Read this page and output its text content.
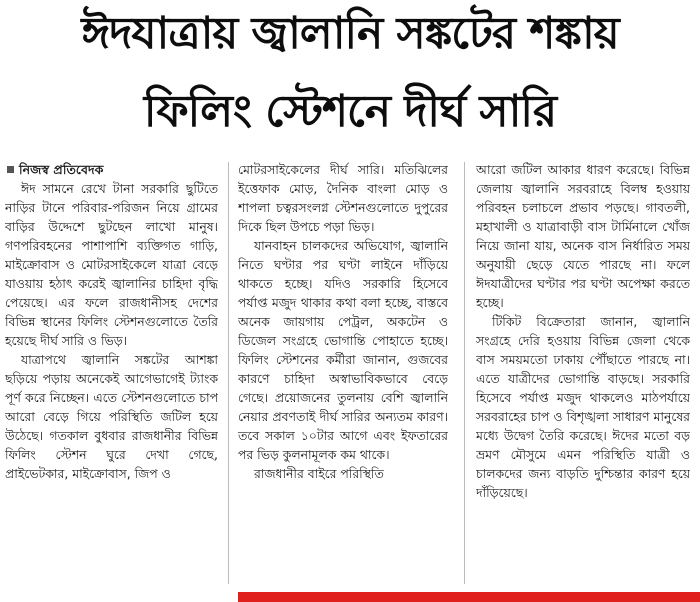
ঈদযাত্রায় জ্বালানি সঙ্কটের শঙ্কায়
ফিলিং স্টেশনে দীর্ঘ সারি
নিজস্ব প্রতিবেদক

ঈদ সামনে রেখে টানা সরকারি ছুটিতে নাড়ির টানে পরিবার-পরিজন নিয়ে গ্রামের বাড়ির উদ্দেশে ছুটছেন লাখো মানুষ। গণপরিবহনের পাশাপাশি ব্যক্তিগত গাড়ি, মাইক্রোবাস ও মোটরসাইকেলে যাত্রা বেড়ে যাওয়ায় হঠাৎ করেই জ্বালানির চাহিদা বৃদ্ধি পেয়েছে। এর ফলে রাজধানীসহ দেশের বিভিন্ন স্থানের ফিলিং স্টেশনগুলোতে তৈরি হয়েছে দীর্ঘ সারি ও ভিড়।

যাত্রাপথে জ্বালানি সঙ্কটের আশঙ্কা ছড়িয়ে পড়ায় অনেকেই আগেভাগেই ট্যাংক পূর্ণ করে নিচ্ছেন। এতে স্টেশনগুলোতে চাপ আরো বেড়ে গিয়ে পরিস্থিতি জটিল হয়ে উঠেছে। গতকাল বুধবার রাজধানীর বিভিন্ন ফিলিং স্টেশন ঘুরে দেখা গেছে, প্রাইভেটকার, মাইক্রোবাস, জিপ ও

মোটরসাইকেলের দীর্ঘ সারি। মতিঝিলের ইত্তেফাক মোড়, দৈনিক বাংলা মোড় ও শাপলা চত্বরসংলগ্ন স্টেশনগুলোতে দুপুরের দিকে ছিল উপচে পড়া ভিড়।

যানবাহন চালকদের অভিযোগ, জ্বালানি নিতে ঘণ্টার পর ঘণ্টা লাইনে দাঁড়িয়ে থাকতে হচ্ছে। যদিও সরকারি হিসেবে পর্যাপ্ত মজুদ থাকার কথা বলা হচ্ছে, বাস্তবে অনেক জায়গায় পেট্রল, অকটেন ও ডিজেল সংগ্রহে ভোগান্তি পোহাতে হচ্ছে। ফিলিং স্টেশনের কর্মীরা জানান, গুজবের কারণে চাহিদা অস্বাভাবিকভাবে বেড়ে গেছে। প্রয়োজনের তুলনায় বেশি জ্বালানি নেয়ার প্রবণতাই দীর্ঘ সারির অন্যতম কারণ। তবে সকাল ১০টার আগে এবং ইফতারের পর ভিড় কুলনামূলক কম থাকে।

রাজধানীর বাইরে পরিস্থিতি

আরো জটিল আকার ধারণ করেছে। বিভিন্ন জেলায় জ্বালানি সরবরাহে বিলম্ব হওয়ায় পরিবহন চলাচলে প্রভাব পড়ছে। গাবতলী, মহাখালী ও যাত্রাবাড়ী বাস টার্মিনালে খোঁজ নিয়ে জানা যায়, অনেক বাস নির্ধারিত সময় অনুযায়ী ছেড়ে যেতে পারছে না। ফলে ঈদযাত্রীদের ঘণ্টার পর ঘণ্টা অপেক্ষা করতে হচ্ছে।

টিকিট বিক্রেতারা জানান, জ্বালানি সংগ্রহে দেরি হওয়ায় বিভিন্ন জেলা থেকে বাস সময়মতো ঢাকায় পৌঁছাতে পারছে না। এতে যাত্রীদের ভোগান্তি বাড়ছে। সরকারি হিসেবে পর্যাপ্ত মজুদ থাকলেও মাঠপর্যায়ে সরবরাহের চাপ ও বিশৃঙ্খলা সাধারণ মানুষের মধ্যে উদ্বেগ তৈরি করেছে। ঈদের মতো বড় ভ্রমণ মৌসুমে এমন পরিস্থিতি যাত্রী ও চালকদের জন্য বাড়তি দুশ্চিন্তার কারণ হয়ে দাঁড়িয়েছে।
